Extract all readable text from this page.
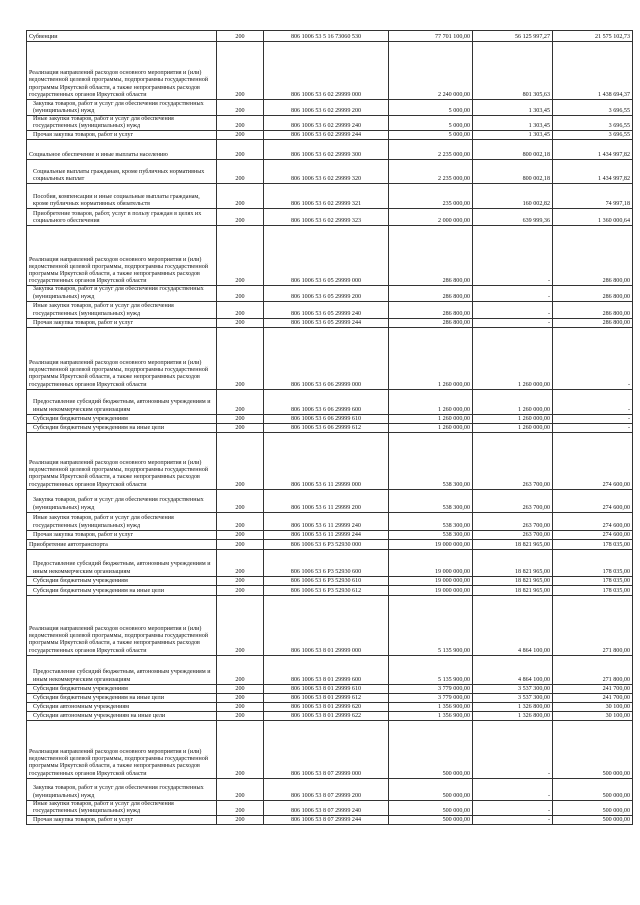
Субвенции	200	806 1006 53 5 16 73060 530	77 701 100,00	56 125 997,27	21 575 102,73
Реализация направлений расходов основного мероприятия и (или) ведомственной целевой программы, подпрограммы государственной программы Иркутской области, а также непрограммных расходов государственных органов Иркутской области	200	806 1006 53 6 02 29999 000	2 240 000,00	801 305,63	1 438 694,37
Закупка товаров, работ и услуг для обеспечения государственных (муниципальных) нужд	200	806 1006 53 6 02 29999 200	5 000,00	1 303,45	3 696,55
Иные закупки товаров, работ и услуг для обеспечения государственных (муниципальных) нужд	200	806 1006 53 6 02 29999 240	5 000,00	1 303,45	3 696,55
Прочая закупка товаров, работ и услуг	200	806 1006 53 6 02 29999 244	5 000,00	1 303,45	3 696,55
Социальное обеспечение и иные выплаты населению	200	806 1006 53 6 02 29999 300	2 235 000,00	800 002,18	1 434 997,82
Социальные выплаты гражданам, кроме публичных нормативных социальных выплат	200	806 1006 53 6 02 29999 320	2 235 000,00	800 002,18	1 434 997,82
Пособия, компенсации и иные социальные выплаты гражданам, кроме публичных нормативных обязательств	200	806 1006 53 6 02 29999 321	235 000,00	160 002,82	74 997,18
Приобретение товаров, работ, услуг в пользу граждан в целях их социального обеспечения	200	806 1006 53 6 02 29999 323	2 000 000,00	639 999,36	1 360 000,64
Реализация направлений расходов основного мероприятия и (или) ведомственной целевой программы, подпрограммы государственной программы Иркутской области, а также непрограммных расходов государственных органов Иркутской области	200	806 1006 53 6 05 29999 000	286 800,00	-	286 800,00
Закупка товаров, работ и услуг для обеспечения государственных (муниципальных) нужд	200	806 1006 53 6 05 29999 200	286 800,00	-	286 800,00
Иные закупки товаров, работ и услуг для обеспечения государственных (муниципальных) нужд	200	806 1006 53 6 05 29999 240	286 800,00	-	286 800,00
Прочая закупка товаров, работ и услуг	200	806 1006 53 6 05 29999 244	286 800,00	-	286 800,00
Реализация направлений расходов основного мероприятия и (или) ведомственной целевой программы, подпрограммы государственной программы Иркутской области, а также непрограммных расходов государственных органов Иркутской области	200	806 1006 53 6 06 29999 000	1 260 000,00	1 260 000,00	-
Предоставление субсидий бюджетным, автономным учреждениям и иным некоммерческим организациям	200	806 1006 53 6 06 29999 600	1 260 000,00	1 260 000,00	-
Субсидии бюджетным учреждениям	200	806 1006 53 6 06 29999 610	1 260 000,00	1 260 000,00	-
Субсидии бюджетным учреждениям на иные цели	200	806 1006 53 6 06 29999 612	1 260 000,00	1 260 000,00	-
Реализация направлений расходов основного мероприятия и (или) ведомственной целевой программы, подпрограммы государственной программы Иркутской области, а также непрограммных расходов государственных органов Иркутской области	200	806 1006 53 6 11 29999 000	538 300,00	263 700,00	274 600,00
Закупка товаров, работ и услуг для обеспечения государственных (муниципальных) нужд	200	806 1006 53 6 11 29999 200	538 300,00	263 700,00	274 600,00
Иные закупки товаров, работ и услуг для обеспечения государственных (муниципальных) нужд	200	806 1006 53 6 11 29999 240	538 300,00	263 700,00	274 600,00
Прочая закупка товаров, работ и услуг	200	806 1006 53 6 11 29999 244	538 300,00	263 700,00	274 600,00
Приобретение автотранспорта	200	806 1006 53 6 P3 52930 000	19 000 000,00	18 821 965,00	178 035,00
Предоставление субсидий бюджетным, автономным учреждениям и иным некоммерческим организациям	200	806 1006 53 6 P3 52930 600	19 000 000,00	18 821 965,00	178 035,00
Субсидии бюджетным учреждениям	200	806 1006 53 6 P3 52930 610	19 000 000,00	18 821 965,00	178 035,00
Субсидии бюджетным учреждениям на иные цели	200	806 1006 53 6 P3 52930 612	19 000 000,00	18 821 965,00	178 035,00
Реализация направлений расходов основного мероприятия и (или) ведомственной целевой программы, подпрограммы государственной программы Иркутской области, а также непрограммных расходов государственных органов Иркутской области	200	806 1006 53 8 01 29999 000	5 135 900,00	4 864 100,00	271 800,00
Предоставление субсидий бюджетным, автономным учреждениям и иным некоммерческим организациям	200	806 1006 53 8 01 29999 600	5 135 900,00	4 864 100,00	271 800,00
Субсидии бюджетным учреждениям	200	806 1006 53 8 01 29999 610	3 779 000,00	3 537 300,00	241 700,00
Субсидии бюджетным учреждениям на иные цели	200	806 1006 53 8 01 29999 612	3 779 000,00	3 537 300,00	241 700,00
Субсидии автономным учреждениям	200	806 1006 53 8 01 29999 620	1 356 900,00	1 326 800,00	30 100,00
Субсидии автономным учреждениям на иные цели	200	806 1006 53 8 01 29999 622	1 356 900,00	1 326 800,00	30 100,00
Реализация направлений расходов основного мероприятия и (или) ведомственной целевой программы, подпрограммы государственной программы Иркутской области, а также непрограммных расходов государственных органов Иркутской области	200	806 1006 53 8 07 29999 000	500 000,00	-	500 000,00
Закупка товаров, работ и услуг для обеспечения государственных (муниципальных) нужд	200	806 1006 53 8 07 29999 200	500 000,00	-	500 000,00
Иные закупки товаров, работ и услуг для обеспечения государственных (муниципальных) нужд	200	806 1006 53 8 07 29999 240	500 000,00	-	500 000,00
Прочая закупка товаров, работ и услуг	200	806 1006 53 8 07 29999 244	500 000,00	-	500 000,00
